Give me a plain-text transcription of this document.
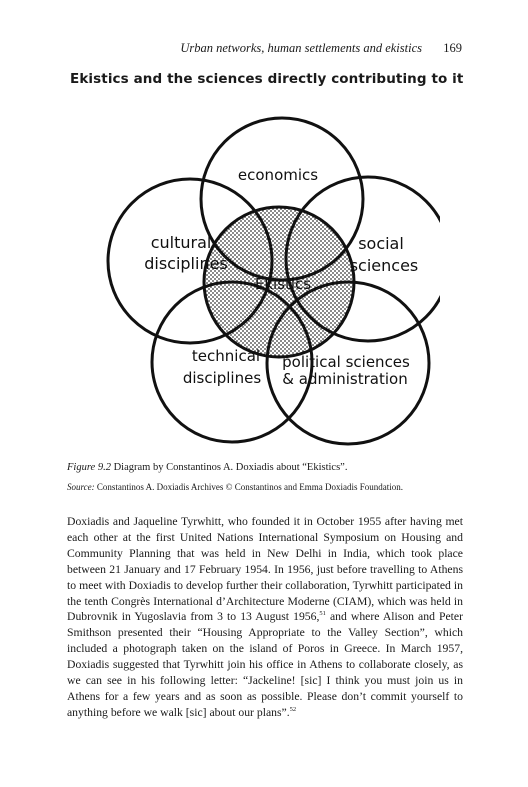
Urban networks, human settlements and ekistics 169
Ekistics and the sciences directly contributing to it
economics
cultural
disciplines
social
sciences
Ekistics
technical
disciplines
political sciences
& administration
Figure 9.2 Diagram by Constantinos A. Doxiadis about “Ekistics”.
Source: Constantinos A. Doxiadis Archives © Constantinos and Emma Doxiadis Foundation.

Doxiadis and Jaqueline Tyrwhitt, who founded it in October 1955 after having met each other at the first United Nations International Symposium on Housing and Community Planning that was held in New Delhi in India, which took place between 21 January and 17 February 1954. In 1956, just before travelling to Athens to meet with Doxiadis to develop further their collaboration, Tyrwhitt participated in the tenth Congrès International d’Architecture Moderne (CIAM), which was held in Dubrovnik in Yugoslavia from 3 to 13 August 1956,51 and where Alison and Peter Smithson presented their “Housing Appropriate to the Valley Section”, which included a photograph taken on the island of Poros in Greece. In March 1957, Doxiadis suggested that Tyrwhitt join his office in Athens to collaborate closely, as we can see in his following letter: “Jackeline! [sic] I think you must join us in Athens for a few years and as soon as possible. Please don’t commit yourself to anything before we walk [sic] about our plans”.$^{52}$
